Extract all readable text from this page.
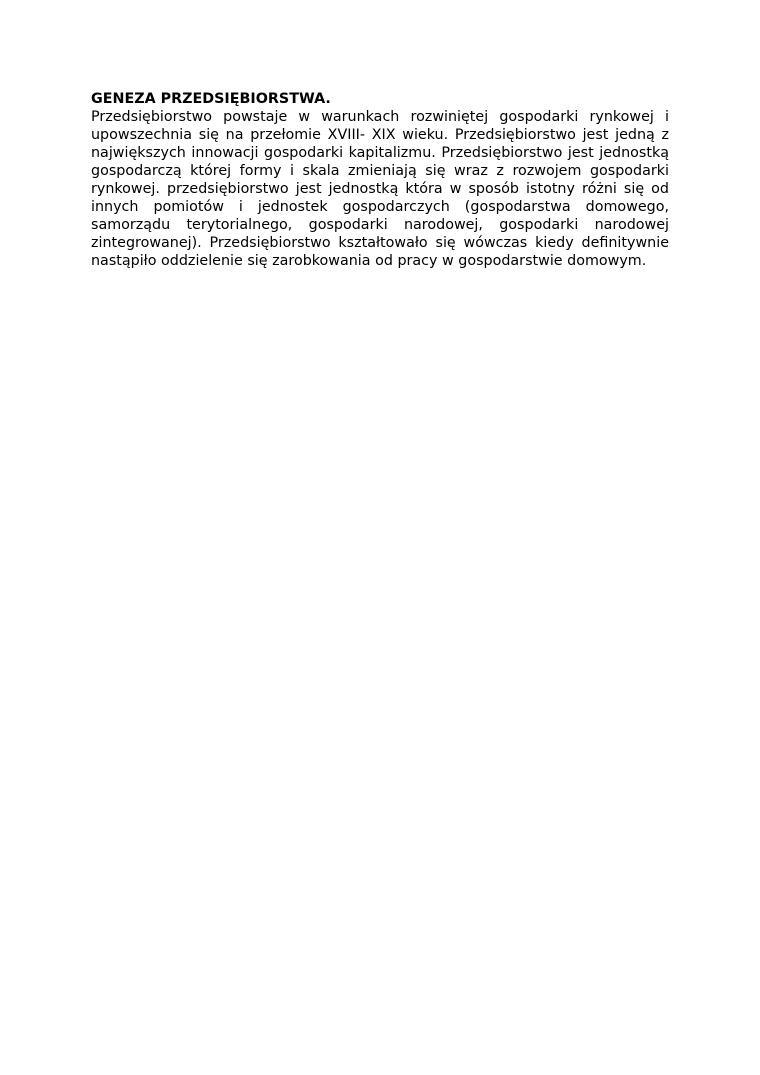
GENEZA PRZEDSIĘBIORSTWA.

Przedsiębiorstwo powstaje w warunkach rozwiniętej gospodarki rynkowej i upowszechnia się na przełomie XVIII- XIX wieku. Przedsiębiorstwo jest jedną z największych innowacji gospodarki kapitalizmu. Przedsiębiorstwo jest jednostką gospodarczą której formy i skala zmieniają się wraz z rozwojem gospodarki rynkowej. przedsiębiorstwo jest jednostką która w sposób istotny różni się od innych pomiotów i jednostek gospodarczych (gospodarstwa domowego, samorządu terytorialnego, gospodarki narodowej, gospodarki narodowej zintegrowanej). Przedsiębiorstwo kształtowało się wówczas kiedy definitywnie nastąpiło oddzielenie się zarobkowania od pracy w gospodarstwie domowym.
